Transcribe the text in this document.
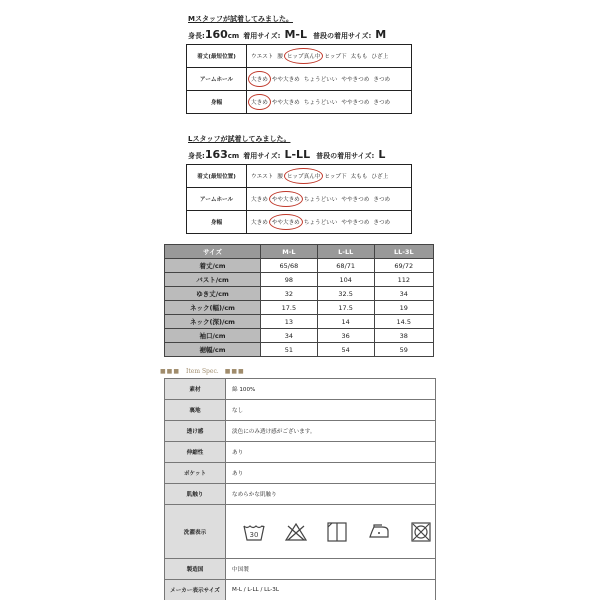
Mスタッフが試着してみました。
身長: 160 cm 着用サイズ: M-L 普段の着用サイズ: M
着丈(最短位置)	ウエスト 腰 ヒップ真ん中 ヒップ下 太もも ひざ上
アームホール	大きめ やや大きめ ちょうどいい ややきつめ きつめ
身幅	大きめ やや大きめ ちょうどいい ややきつめ きつめ
Lスタッフが試着してみました。
身長: 163 cm 着用サイズ: L-LL 普段の着用サイズ: L
着丈(最短位置)	ウエスト 腰 ヒップ真ん中 ヒップ下 太もも ひざ上
アームホール	大きめ やや大きめ ちょうどいい ややきつめ きつめ
身幅	大きめ やや大きめ ちょうどいい ややきつめ きつめ
サイズ	M-L	L-LL	LL-3L
着丈/cm	65/68	68/71	69/72
バスト/cm	98	104	112
ゆき丈/cm	32	32.5	34
ネック(幅)/cm	17.5	17.5	19
ネック(深)/cm	13	14	14.5
袖口/cm	34	36	38
裾幅/cm	51	54	59
■■■ Item Spec. ■■■
素材	綿 100%
裏地	なし
透け感	淡色にのみ透け感がございます。
伸縮性	あり
ポケット	あり
肌触り	なめらかな肌触り
洗濯表示	30

製造国	中国製
メーカー表示サイズ	M-L / L-LL / LL-3L
